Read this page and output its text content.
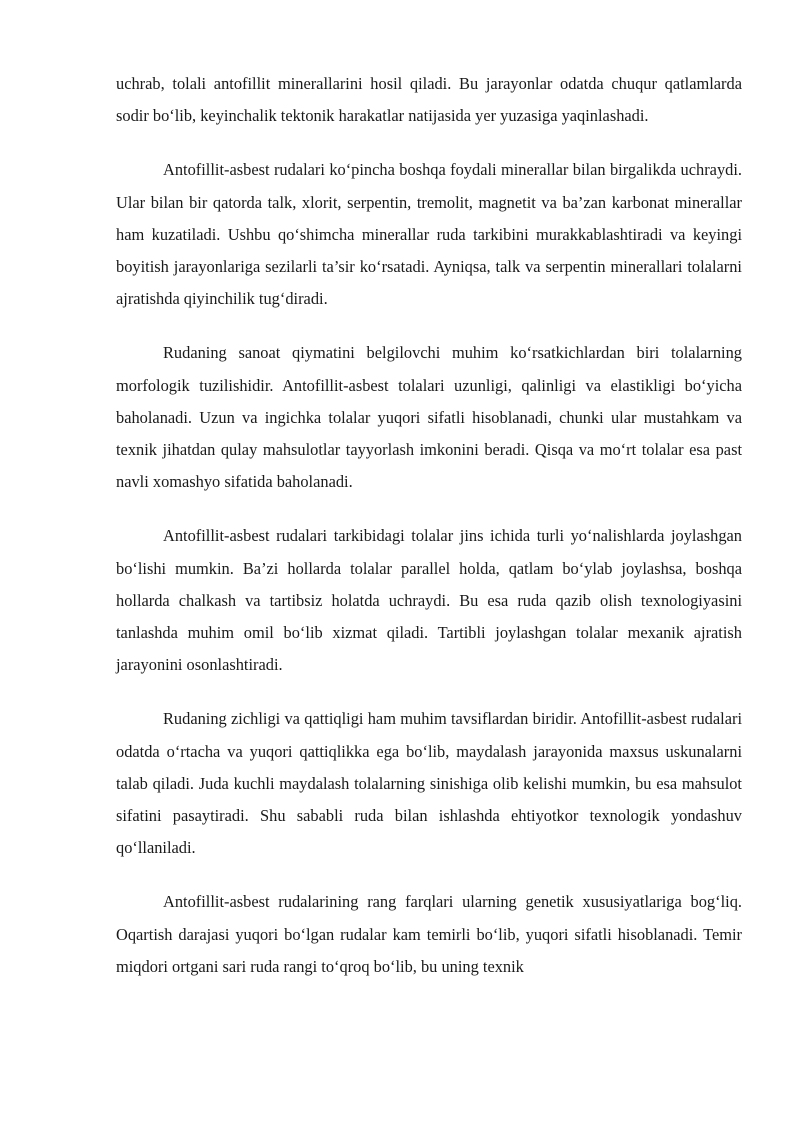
uchrab, tolali antofillit minerallarini hosil qiladi. Bu jarayonlar odatda chuqur qatlamlarda sodir bo‘lib, keyinchalik tektonik harakatlar natijasida yer yuzasiga yaqinlashadi.

Antofillit-asbest rudalari ko‘pincha boshqa foydali minerallar bilan birgalikda uchraydi. Ular bilan bir qatorda talk, xlorit, serpentin, tremolit, magnetit va ba’zan karbonat minerallar ham kuzatiladi. Ushbu qo‘shimcha minerallar ruda tarkibini murakkablashtiradi va keyingi boyitish jarayonlariga sezilarli ta’sir ko‘rsatadi. Ayniqsa, talk va serpentin minerallari tolalarni ajratishda qiyinchilik tug‘diradi.

Rudaning sanoat qiymatini belgilovchi muhim ko‘rsatkichlardan biri tolalarning morfologik tuzilishidir. Antofillit-asbest tolalari uzunligi, qalinligi va elastikligi bo‘yicha baholanadi. Uzun va ingichka tolalar yuqori sifatli hisoblanadi, chunki ular mustahkam va texnik jihatdan qulay mahsulotlar tayyorlash imkonini beradi. Qisqa va mo‘rt tolalar esa past navli xomashyo sifatida baholanadi.

Antofillit-asbest rudalari tarkibidagi tolalar jins ichida turli yo‘nalishlarda joylashgan bo‘lishi mumkin. Ba’zi hollarda tolalar parallel holda, qatlam bo‘ylab joylashsa, boshqa hollarda chalkash va tartibsiz holatda uchraydi. Bu esa ruda qazib olish texnologiyasini tanlashda muhim omil bo‘lib xizmat qiladi. Tartibli joylashgan tolalar mexanik ajratish jarayonini osonlashtiradi.

Rudaning zichligi va qattiqligi ham muhim tavsiflardan biridir. Antofillit-asbest rudalari odatda o‘rtacha va yuqori qattiqlikka ega bo‘lib, maydalash jarayonida maxsus uskunalarni talab qiladi. Juda kuchli maydalash tolalarning sinishiga olib kelishi mumkin, bu esa mahsulot sifatini pasaytiradi. Shu sababli ruda bilan ishlashda ehtiyotkor texnologik yondashuv qo‘llaniladi.

Antofillit-asbest rudalarining rang farqlari ularning genetik xususiyatlariga bog‘liq. Oqartish darajasi yuqori bo‘lgan rudalar kam temirli bo‘lib, yuqori sifatli hisoblanadi. Temir miqdori ortgani sari ruda rangi to‘qroq bo‘lib, bu uning texnik
